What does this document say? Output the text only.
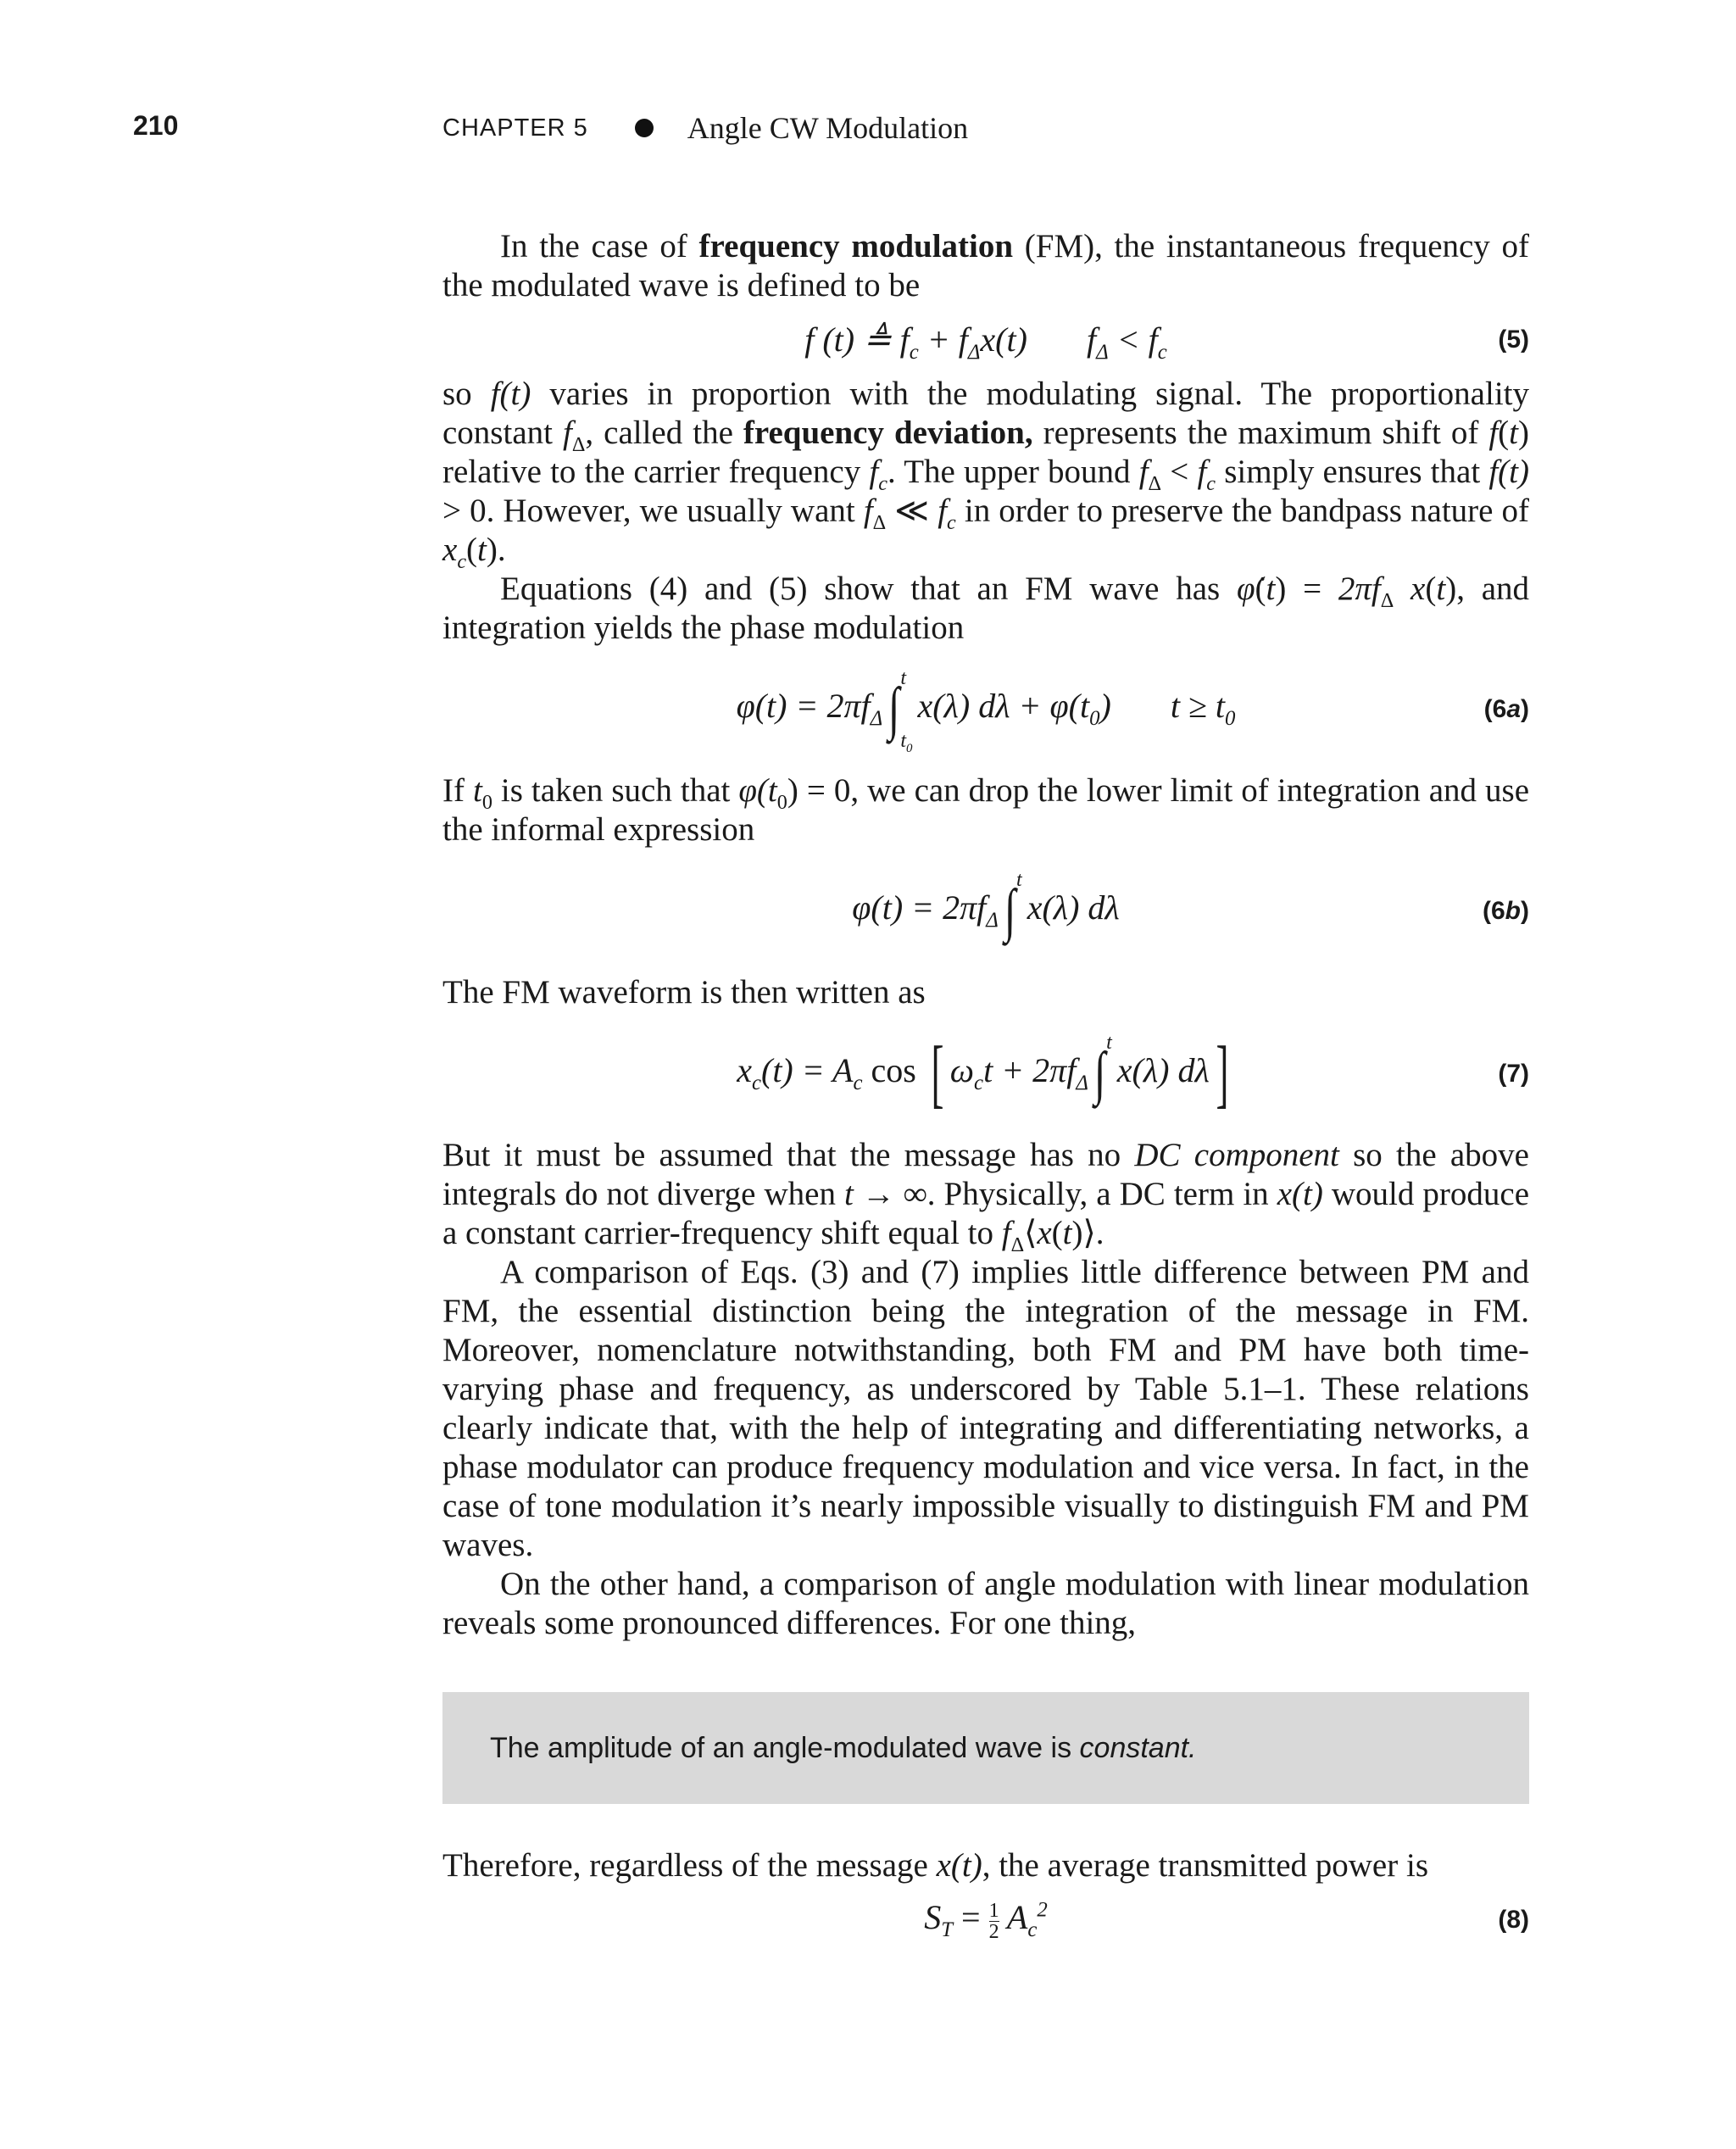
210	CHAPTER 5	Angle CW Modulation

In the case of frequency modulation (FM), the instantaneous frequency of the modulated wave is defined to be

f (t) ≜ $f_c + f_\Delta x(t) f_\Delta < f_c$	(5)

so f(t) varies in proportion with the modulating signal. The proportionality constant $f_\Delta$, called the frequency deviation, represents the maximum shift of f(t) relative to the carrier frequency $f_c$. The upper bound $f_\Delta < f_c$ simply ensures that f(t) > 0. However, we usually want $f_\Delta$ ≪ $f_c$ in order to preserve the bandpass nature of $x_c(t)$.

Equations (4) and (5) show that an FM wave has φ̇(t) = $2\pi f_\Delta$ x(t), and integration yields the phase modulation

$\varphi(t) = 2\pi f_\Delta\int$ t
$t_0$
x(λ) $d\lambda + \varphi(t_0) t \ge t_0$	(6a)

If $t_0$ is taken such that $\varphi(t_0) = 0$, we can drop the lower limit of integration and use the informal expression

$\varphi(t) = 2\pi f_\Delta\int$ t
x(λ) dλ	(6b)

The FM waveform is then written as

$x_c(t) = A_c$ cos [ $\omega_ct + 2\pi f_\Delta\int$ t
x(λ) dλ]	(7)

But it must be assumed that the message has no DC component so the above integrals do not diverge when t → ∞. Physically, a DC term in x(t) would produce a constant carrier-frequency shift equal to $f_\Delta⟨x(t)⟩$.

A comparison of Eqs. (3) and (7) implies little difference between PM and FM, the essential distinction being the integration of the message in FM. Moreover, nomenclature notwithstanding, both FM and PM have both time-varying phase and frequency, as underscored by Table 5.1–1. These relations clearly indicate that, with the help of integrating and differentiating networks, a phase modulator can produce frequency modulation and vice versa. In fact, in the case of tone modulation it’s nearly impossible visually to distinguish FM and PM waves.

On the other hand, a comparison of angle modulation with linear modulation reveals some pronounced differences. For one thing,

The amplitude of an angle-modulated wave is constant.

Therefore, regardless of the message x(t), the average transmitted power is

$S_T = \frac{1}{2} A_c^2$	(8)
